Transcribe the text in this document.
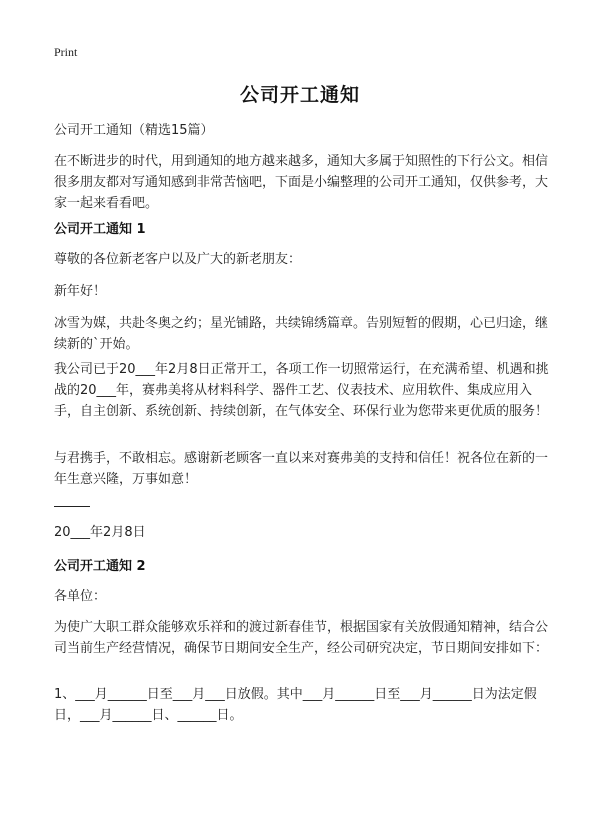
Print
公司开工通知

公司开工通知（精选15篇）

在不断进步的时代，用到通知的地方越来越多，通知大多属于知照性的下行公文。相信很多朋友都对写通知感到非常苦恼吧，下面是小编整理的公司开工通知，仅供参考，大家一起来看看吧。

公司开工通知 1

尊敬的各位新老客户以及广大的新老朋友：

新年好！

冰雪为媒，共赴冬奥之约；星光铺路，共续锦绣篇章。告别短暂的假期，心已归途，继续新的`开始。

我公司已于20___年2月8日正常开工，各项工作一切照常运行，在充满希望、机遇和挑战的20___年，赛弗美将从材料科学、器件工艺、仪表技术、应用软件、集成应用入手，自主创新、系统创新、持续创新，在气体安全、环保行业为您带来更优质的服务！

与君携手，不敢相忘。感谢新老顾客一直以来对赛弗美的支持和信任！祝各位在新的一年生意兴隆，万事如意！

20___年2月8日

公司开工通知 2

各单位：

为使广大职工群众能够欢乐祥和的渡过新春佳节，根据国家有关放假通知精神，结合公司当前生产经营情况，确保节日期间安全生产，经公司研究决定，节日期间安排如下：

1、___月______日至___月___日放假。其中___月______日至___月______日为法定假日，___月______日、______日。
